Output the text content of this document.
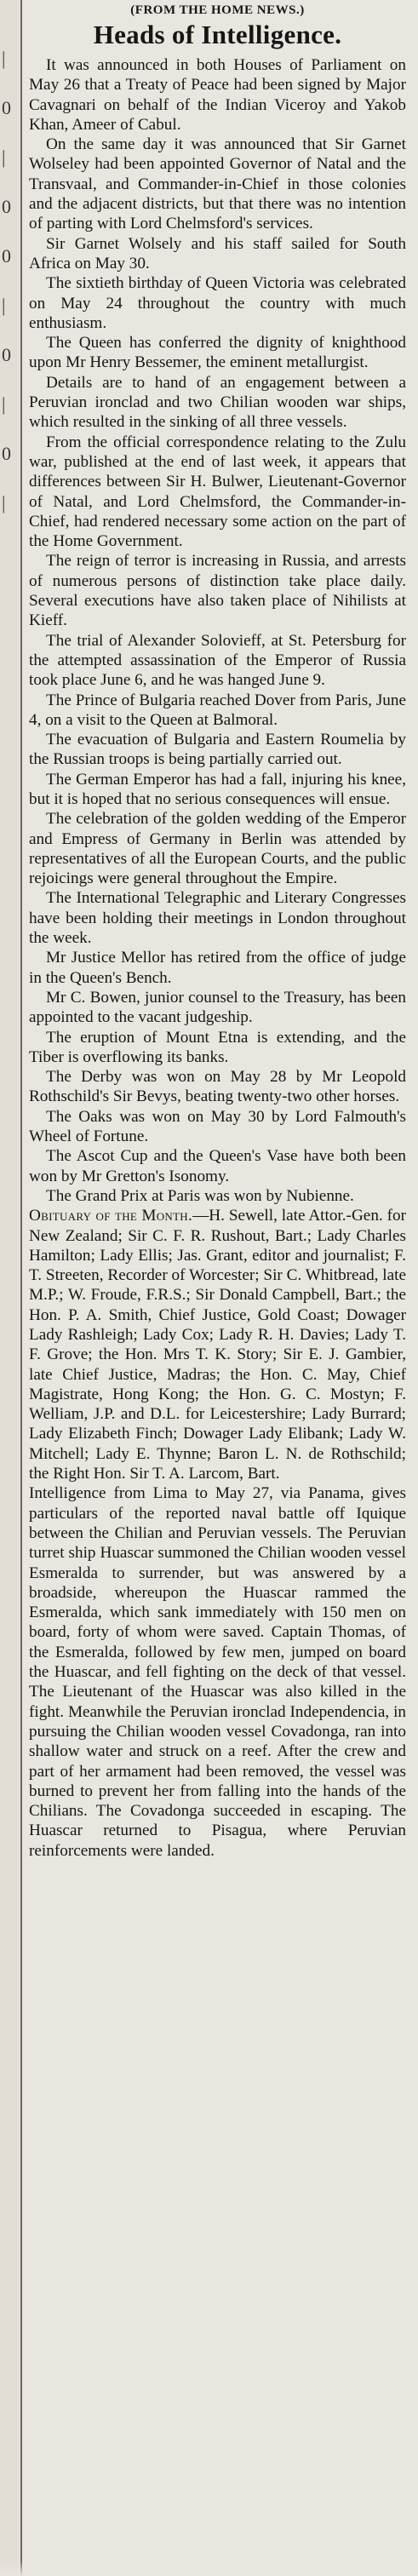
|
0
|
0
0
|
0
|
0
|
(FROM THE HOME NEWS.)
Heads of Intelligence.

It was announced in both Houses of Parliament on May 26 that a Treaty of Peace had been signed by Major Cavagnari on behalf of the Indian Viceroy and Yakob Khan, Ameer of Cabul.

On the same day it was announced that Sir Garnet Wolseley had been appointed Governor of Natal and the Transvaal, and Commander-in-Chief in those colonies and the adjacent districts, but that there was no intention of parting with Lord Chelmsford's services.

Sir Garnet Wolsely and his staff sailed for South Africa on May 30.

The sixtieth birthday of Queen Victoria was celebrated on May 24 throughout the country with much enthusiasm.

The Queen has conferred the dignity of knighthood upon Mr Henry Bessemer, the eminent metallurgist.

Details are to hand of an engagement between a Peruvian ironclad and two Chilian wooden war ships, which resulted in the sinking of all three vessels.

From the official correspondence relating to the Zulu war, published at the end of last week, it appears that differences between Sir H. Bulwer, Lieutenant-Governor of Natal, and Lord Chelmsford, the Commander-in-Chief, had rendered necessary some action on the part of the Home Government.

The reign of terror is increasing in Russia, and arrests of numerous persons of distinction take place daily. Several executions have also taken place of Nihilists at Kieff.

The trial of Alexander Solovieff, at St. Petersburg for the attempted assassination of the Emperor of Russia took place June 6, and he was hanged June 9.

The Prince of Bulgaria reached Dover from Paris, June 4, on a visit to the Queen at Balmoral.

The evacuation of Bulgaria and Eastern Roumelia by the Russian troops is being partially carried out.

The German Emperor has had a fall, injuring his knee, but it is hoped that no serious consequences will ensue.

The celebration of the golden wedding of the Emperor and Empress of Germany in Berlin was attended by representatives of all the European Courts, and the public rejoicings were general throughout the Empire.

The International Telegraphic and Literary Congresses have been holding their meetings in London throughout the week.

Mr Justice Mellor has retired from the office of judge in the Queen's Bench.

Mr C. Bowen, junior counsel to the Treasury, has been appointed to the vacant judgeship.

The eruption of Mount Etna is extending, and the Tiber is overflowing its banks.

The Derby was won on May 28 by Mr Leopold Rothschild's Sir Bevys, beating twenty-two other horses.

The Oaks was won on May 30 by Lord Falmouth's Wheel of Fortune.

The Ascot Cup and the Queen's Vase have both been won by Mr Gretton's Isonomy.

The Grand Prix at Paris was won by Nubienne.

Obituary of the Month.—H. Sewell, late Attor.-Gen. for New Zealand; Sir C. F. R. Rushout, Bart.; Lady Charles Hamilton; Lady Ellis; Jas. Grant, editor and journalist; F. T. Streeten, Recorder of Worcester; Sir C. Whitbread, late M.P.; W. Froude, F.R.S.; Sir Donald Campbell, Bart.; the Hon. P. A. Smith, Chief Justice, Gold Coast; Dowager Lady Rashleigh; Lady Cox; Lady R. H. Davies; Lady T. F. Grove; the Hon. Mrs T. K. Story; Sir E. J. Gambier, late Chief Justice, Madras; the Hon. C. May, Chief Magistrate, Hong Kong; the Hon. G. C. Mostyn; F. Welliam, J.P. and D.L. for Leicestershire; Lady Burrard; Lady Elizabeth Finch; Dowager Lady Elibank; Lady W. Mitchell; Lady E. Thynne; Baron L. N. de Rothschild; the Right Hon. Sir T. A. Larcom, Bart.

Intelligence from Lima to May 27, via Panama, gives particulars of the reported naval battle off Iquique between the Chilian and Peruvian vessels. The Peruvian turret ship Huascar summoned the Chilian wooden vessel Esmeralda to surrender, but was answered by a broadside, whereupon the Huascar rammed the Esmeralda, which sank immediately with 150 men on board, forty of whom were saved. Captain Thomas, of the Esmeralda, followed by few men, jumped on board the Huascar, and fell fighting on the deck of that vessel. The Lieutenant of the Huascar was also killed in the fight. Meanwhile the Peruvian ironclad Independencia, in pursuing the Chilian wooden vessel Covadonga, ran into shallow water and struck on a reef. After the crew and part of her armament had been removed, the vessel was burned to prevent her from falling into the hands of the Chilians. The Covadonga succeeded in escaping. The Huascar returned to Pisagua, where Peruvian reinforcements were landed.
